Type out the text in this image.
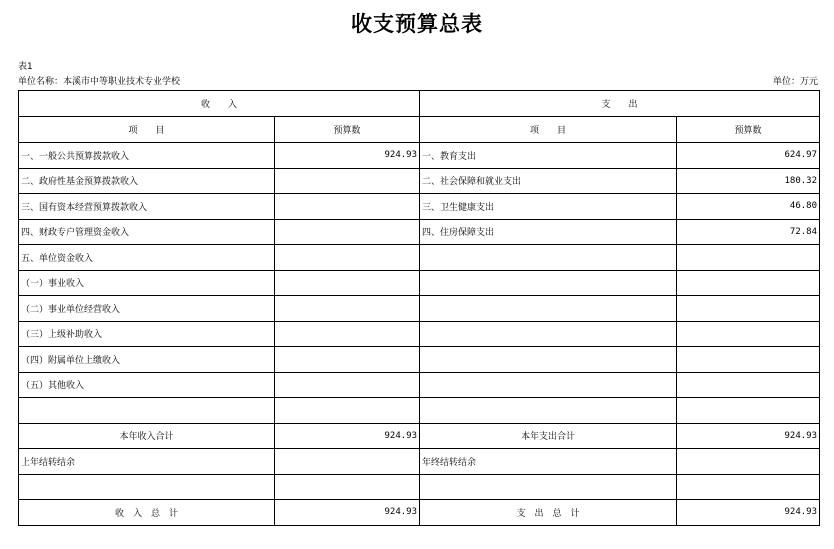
收支预算总表
表1
单位名称：本溪市中等职业技术专业学校	单位：万元
收　　入		支　　出	
项　　目	预算数	项　　目	预算数
一、一般公共预算拨款收入	924.93	一、教育支出	624.97
二、政府性基金预算拨款收入		二、社会保障和就业支出	180.32
三、国有资本经营预算拨款收入		三、卫生健康支出	46.80
四、财政专户管理资金收入		四、住房保障支出	72.84
五、单位资金收入			
（一）事业收入			
（二）事业单位经营收入			
（三）上级补助收入			
（四）附属单位上缴收入			
（五）其他收入			

本年收入合计	924.93	本年支出合计	924.93
上年结转结余		年终结转结余	

收　入　总　计	924.93	支　出　总　计	924.93
